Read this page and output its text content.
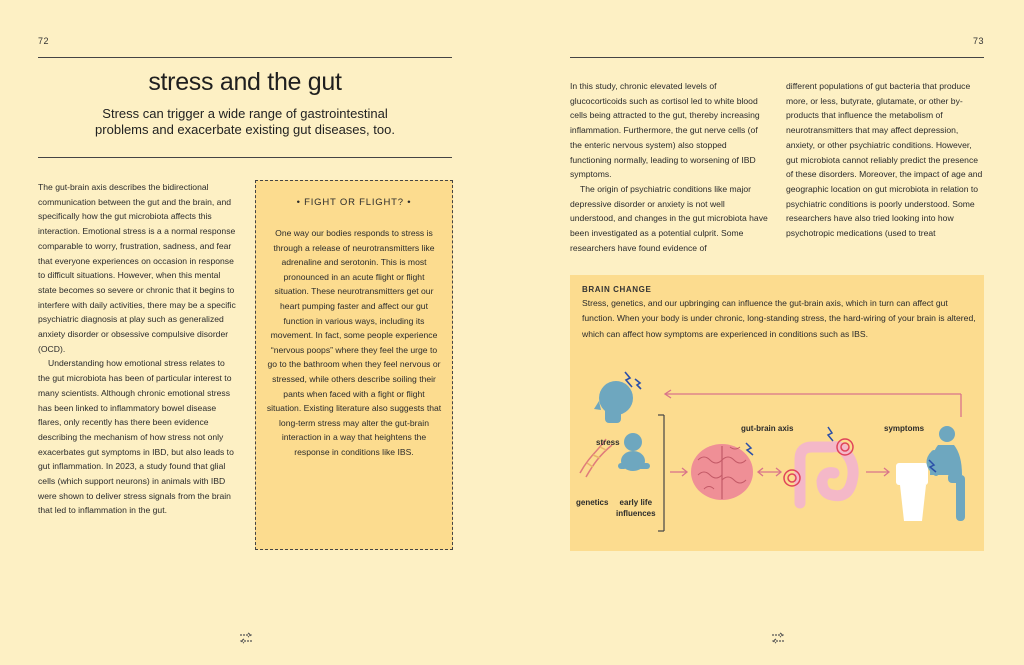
72
stress and the gut
Stress can trigger a wide range of gastrointestinal
problems and exacerbate existing gut diseases, too.

The gut-brain axis describes the bidirectional communication between the gut and the brain, and specifically how the gut microbiota affects this interaction. Emotional stress is a a normal response comparable to worry, frustration, sadness, and fear that everyone experiences on occasion in response to difficult situations. However, when this mental state becomes so severe or chronic that it begins to interfere with daily activities, there may be a specific psychiatric diagnosis at play such as generalized anxiety disorder or obsessive compulsive disorder (OCD).

Understanding how emotional stress relates to the gut microbiota has been of particular interest to many scientists. Although chronic emotional stress has been linked to inflammatory bowel disease flares, only recently has there been evidence describing the mechanism of how stress not only exacerbates gut symptoms in IBD, but also leads to gut inflammation. In 2023, a study found that glial cells (which support neurons) in animals with IBD were shown to deliver stress signals from the brain that led to inflammation in the gut.

• FIGHT OR FLIGHT? •
One way our bodies responds to stress is through a release of neurotransmitters like adrenaline and serotonin. This is most pronounced in an acute flight or flight situation. These neurotransmitters get our heart pumping faster and affect our gut function in various ways, including its movement. In fact, some people experience “nervous poops” where they feel the urge to go to the bathroom when they feel nervous or stressed, while others describe soiling their pants when faced with a fight or flight situation. Existing literature also suggests that long-term stress may alter the gut-brain interaction in a way that heightens the response in conditions like IBS.
73

In this study, chronic elevated levels of glucocorticoids such as cortisol led to white blood cells being attracted to the gut, thereby increasing inflammation. Furthermore, the gut nerve cells (of the enteric nervous system) also stopped functioning normally, leading to worsening of IBD symptoms.

The origin of psychiatric conditions like major depressive disorder or anxiety is not well understood, and changes in the gut microbiota have been investigated as a potential culprit. Some researchers have found evidence of

different populations of gut bacteria that produce more, or less, butyrate, glutamate, or other by-products that influence the metabolism of neurotransmitters that may affect depression, anxiety, or other psychiatric conditions. However, gut microbiota cannot reliably predict the presence of these disorders. Moreover, the impact of age and geographic location on gut microbiota in relation to psychiatric conditions is poorly understood. Some researchers have also tried looking into how psychotropic medications (used to treat

BRAIN CHANGE
Stress, genetics, and our upbringing can influence the gut-brain axis, which in turn can affect gut function. When your body is under chronic, long-standing stress, the hard-wiring of your brain is altered, which can affect how symptoms are experienced in conditions such as IBS.
stress
genetics	early life
influences
gut-brain axis	symptoms
